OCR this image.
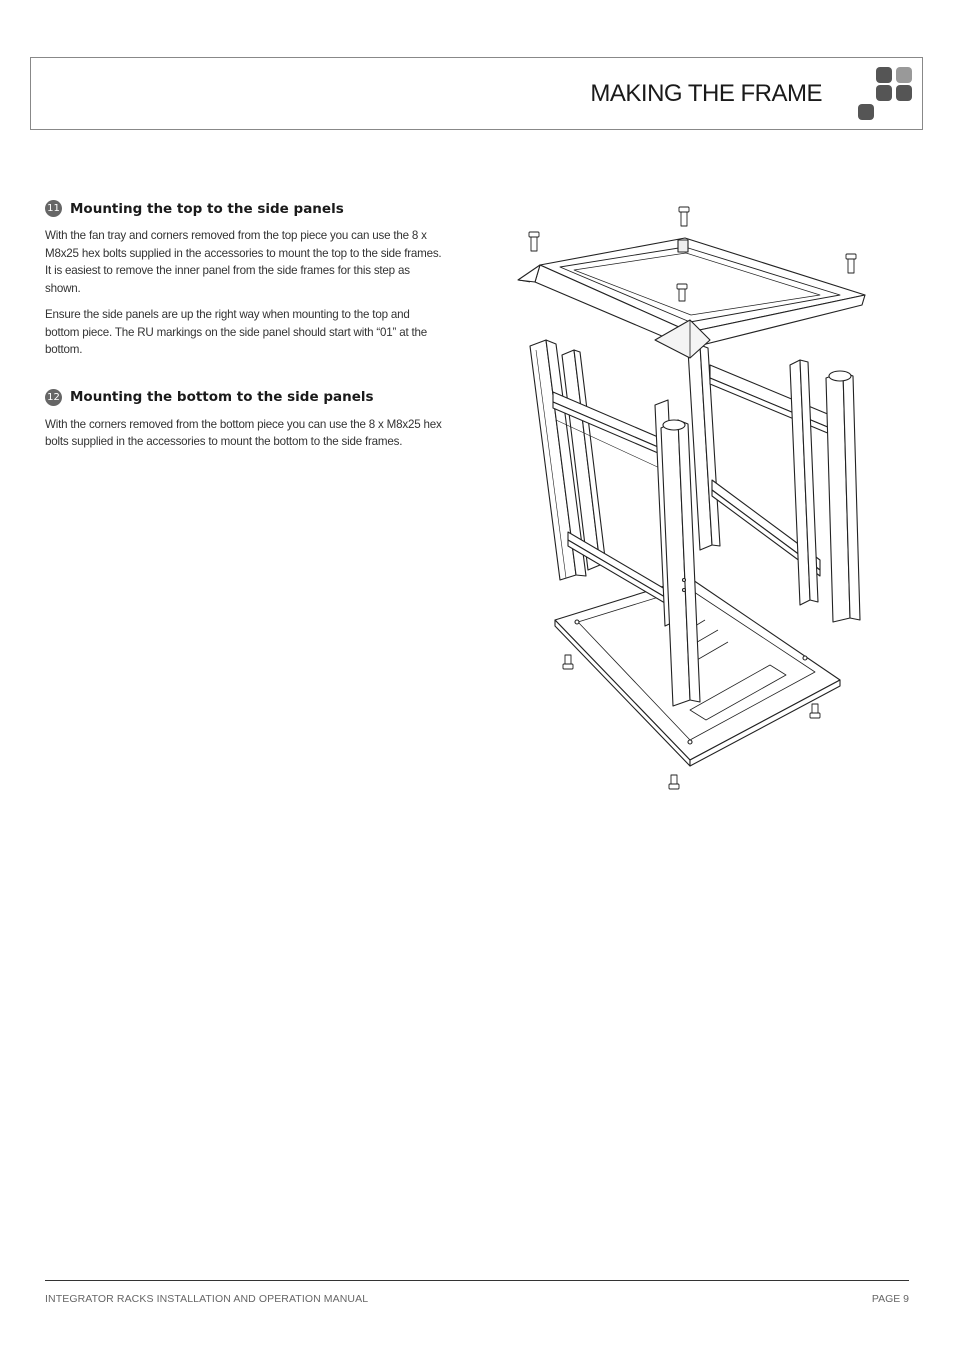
MAKING THE FRAME
11 Mounting the top to the side panels

With the fan tray and corners removed from the top piece you can use the 8 x M8x25 hex bolts supplied in the accessories to mount the top to the side frames. It is easiest to remove the inner panel from the side frames for this step as shown.

Ensure the side panels are up the right way when mounting to the top and bottom piece. The RU markings on the side panel should start with “01” at the bottom.

12 Mounting the bottom to the side panels

With the corners removed from the bottom piece you can use the 8 x M8x25 hex bolts supplied in the accessories to mount the bottom to the side frames.

INTEGRATOR RACKS INSTALLATION AND OPERATION MANUAL	PAGE 9
